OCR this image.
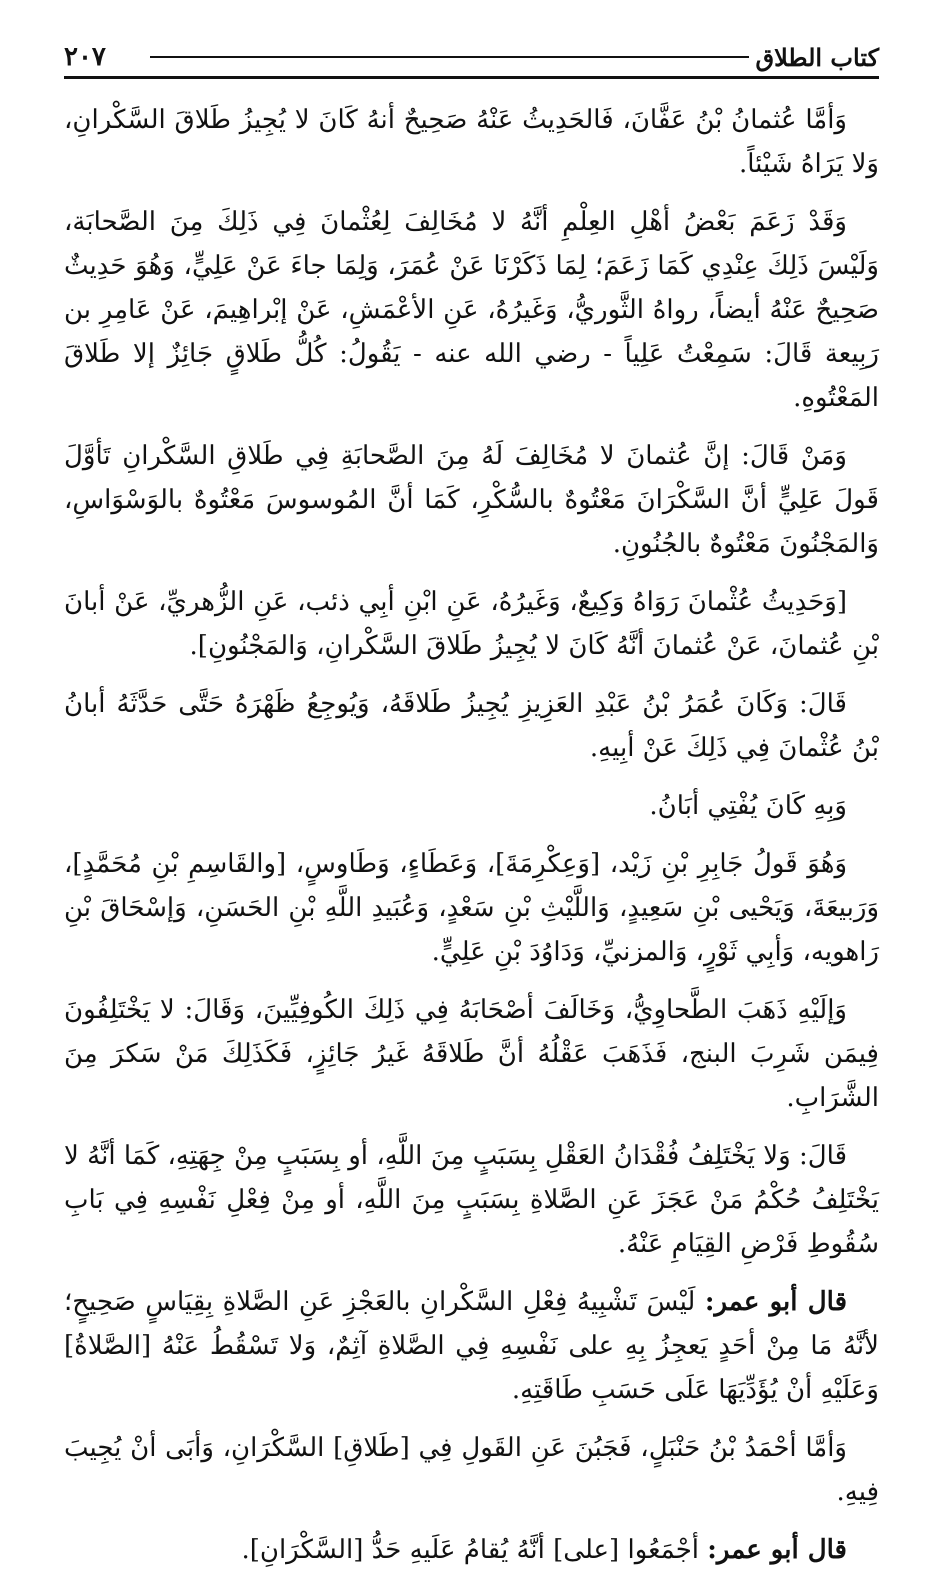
كتاب الطلاق
٢٠٧

وَأمَّا عُثمانُ بْنُ عَفَّانَ، فَالحَدِيثُ عَنْهُ صَحِيحٌ أنهُ كَانَ لا يُجِيزُ طَلاقَ السَّكْرانِ، وَلا يَرَاهُ شَيْئاً.

وَقَدْ زَعَمَ بَعْضُ أهْلِ العِلْمِ أنَّهُ لا مُخَالِفَ لِعُثْمانَ فِي ذَلِكَ مِنَ الصَّحابَة، وَلَيْسَ ذَلِكَ عِنْدِي كَمَا زَعَمَ؛ لِمَا ذَكَرْنَا عَنْ عُمَرَ، وَلِمَا جاءَ عَنْ عَلِيٍّ، وَهُوَ حَدِيثٌ صَحِيحٌ عَنْهُ أيضاً، رواهُ الثَّوريُّ، وَغَيرُهُ، عَنِ الأعْمَشِ، عَنْ إبْراهِيمَ، عَنْ عَامِرِ بن رَبِيعة قَالَ: سَمِعْتُ عَلِياً - رضي الله عنه - يَقُولُ: كُلُّ طَلاقٍ جَائِزٌ إلا طَلاقَ المَعْتُوهِ.

وَمَنْ قَالَ: إنَّ عُثمانَ لا مُخَالِفَ لَهُ مِنَ الصَّحابَةِ فِي طَلاقِ السَّكْرانِ تَأوَّلَ قَولَ عَلِيٍّ أنَّ السَّكْرَانَ مَعْتُوهٌ بالسُّكْرِ، كَمَا أنَّ المُوسوسَ مَعْتُوهٌ بالوَسْوَاسِ، وَالمَجْنُونَ مَعْتُوهٌ بالجُنُونِ.

[وَحَدِيثُ عُثْمانَ رَوَاهُ وَكِيعٌ، وَغَيرُهُ، عَنِ ابْنِ أبِي ذئب، عَنِ الزُّهريِّ، عَنْ أبانَ بْنِ عُثمانَ، عَنْ عُثمانَ أنَّهُ كَانَ لا يُجِيزُ طَلاقَ السَّكْرانِ، وَالمَجْنُونِ].

قَالَ: وَكَانَ عُمَرُ بْنُ عَبْدِ العَزِيزِ يُجِيزُ طَلاقَهُ، وَيُوجِعُ ظَهْرَهُ حَتَّى حَدَّثَهُ أبانُ بْنُ عُثْمانَ فِي ذَلِكَ عَنْ أبِيهِ.

وَبِهِ كَانَ يُفْتِي أبَانُ.

وَهُوَ قَولُ جَابِرِ بْنِ زَيْد، [وَعِكْرِمَةَ]، وَعَطَاءٍ، وَطَاوسٍ، [والقَاسِمِ بْنِ مُحَمَّدٍ]، وَرَبيعَةَ، وَيَحْيى بْنِ سَعِيدٍ، وَاللَّيْثِ بْنِ سَعْدٍ، وَعُبَيدِ اللَّهِ بْنِ الحَسَنِ، وَإسْحَاقَ بْنِ رَاهويه، وَأبِي ثَوْرٍ، وَالمزنيِّ، وَدَاوُدَ بْنِ عَلِيٍّ.

وَإلَيْهِ ذَهَبَ الطَّحاوِيُّ، وَخَالَفَ أصْحَابَهُ فِي ذَلِكَ الكُوفِيِّينَ، وَقَالَ: لا يَخْتَلِفُونَ فِيمَن شَرِبَ البنج، فَذَهَبَ عَقْلُهُ أنَّ طَلاقَهُ غَيرُ جَائِزٍ، فَكَذَلِكَ مَنْ سَكرَ مِنَ الشَّرَابِ.

قَالَ: وَلا يَخْتَلِفُ فُقْدَانُ العَقْلِ بِسَبَبٍ مِنَ اللَّهِ، أو بِسَبَبٍ مِنْ جِهَتِهِ، كَمَا أنَّهُ لا يَخْتَلِفُ حُكْمُ مَنْ عَجَزَ عَنِ الصَّلاةِ بِسَبَبٍ مِنَ اللَّهِ، أو مِنْ فِعْلِ نَفْسِهِ فِي بَابِ سُقُوطِ فَرْضِ القِيَامِ عَنْهُ.

قال أبو عمر: لَيْسَ تَشْبِيهُ فِعْلِ السَّكْرانِ بالعَجْزِ عَنِ الصَّلاةِ بِقِيَاسٍ صَحِيحٍ؛ لأنَّهُ مَا مِنْ أحَدٍ يَعجِزُ بِهِ على نَفْسِهِ فِي الصَّلاةِ آثِمٌ، وَلا تَسْقُطُ عَنْهُ [الصَّلاةُ] وَعَلَيْهِ أنْ يُؤَدِّيَهَا عَلَى حَسَبِ طَاقَتِهِ.

وَأمَّا أحْمَدُ بْنُ حَنْبَلٍ، فَجَبُنَ عَنِ القَولِ فِي [طَلاقِ] السَّكْرَانِ، وَأبَى أنْ يُجِيبَ فِيهِ.

قال أبو عمر: أجْمَعُوا [على] أنَّهُ يُقامُ عَلَيهِ حَدُّ [السَّكْرَانِ].
